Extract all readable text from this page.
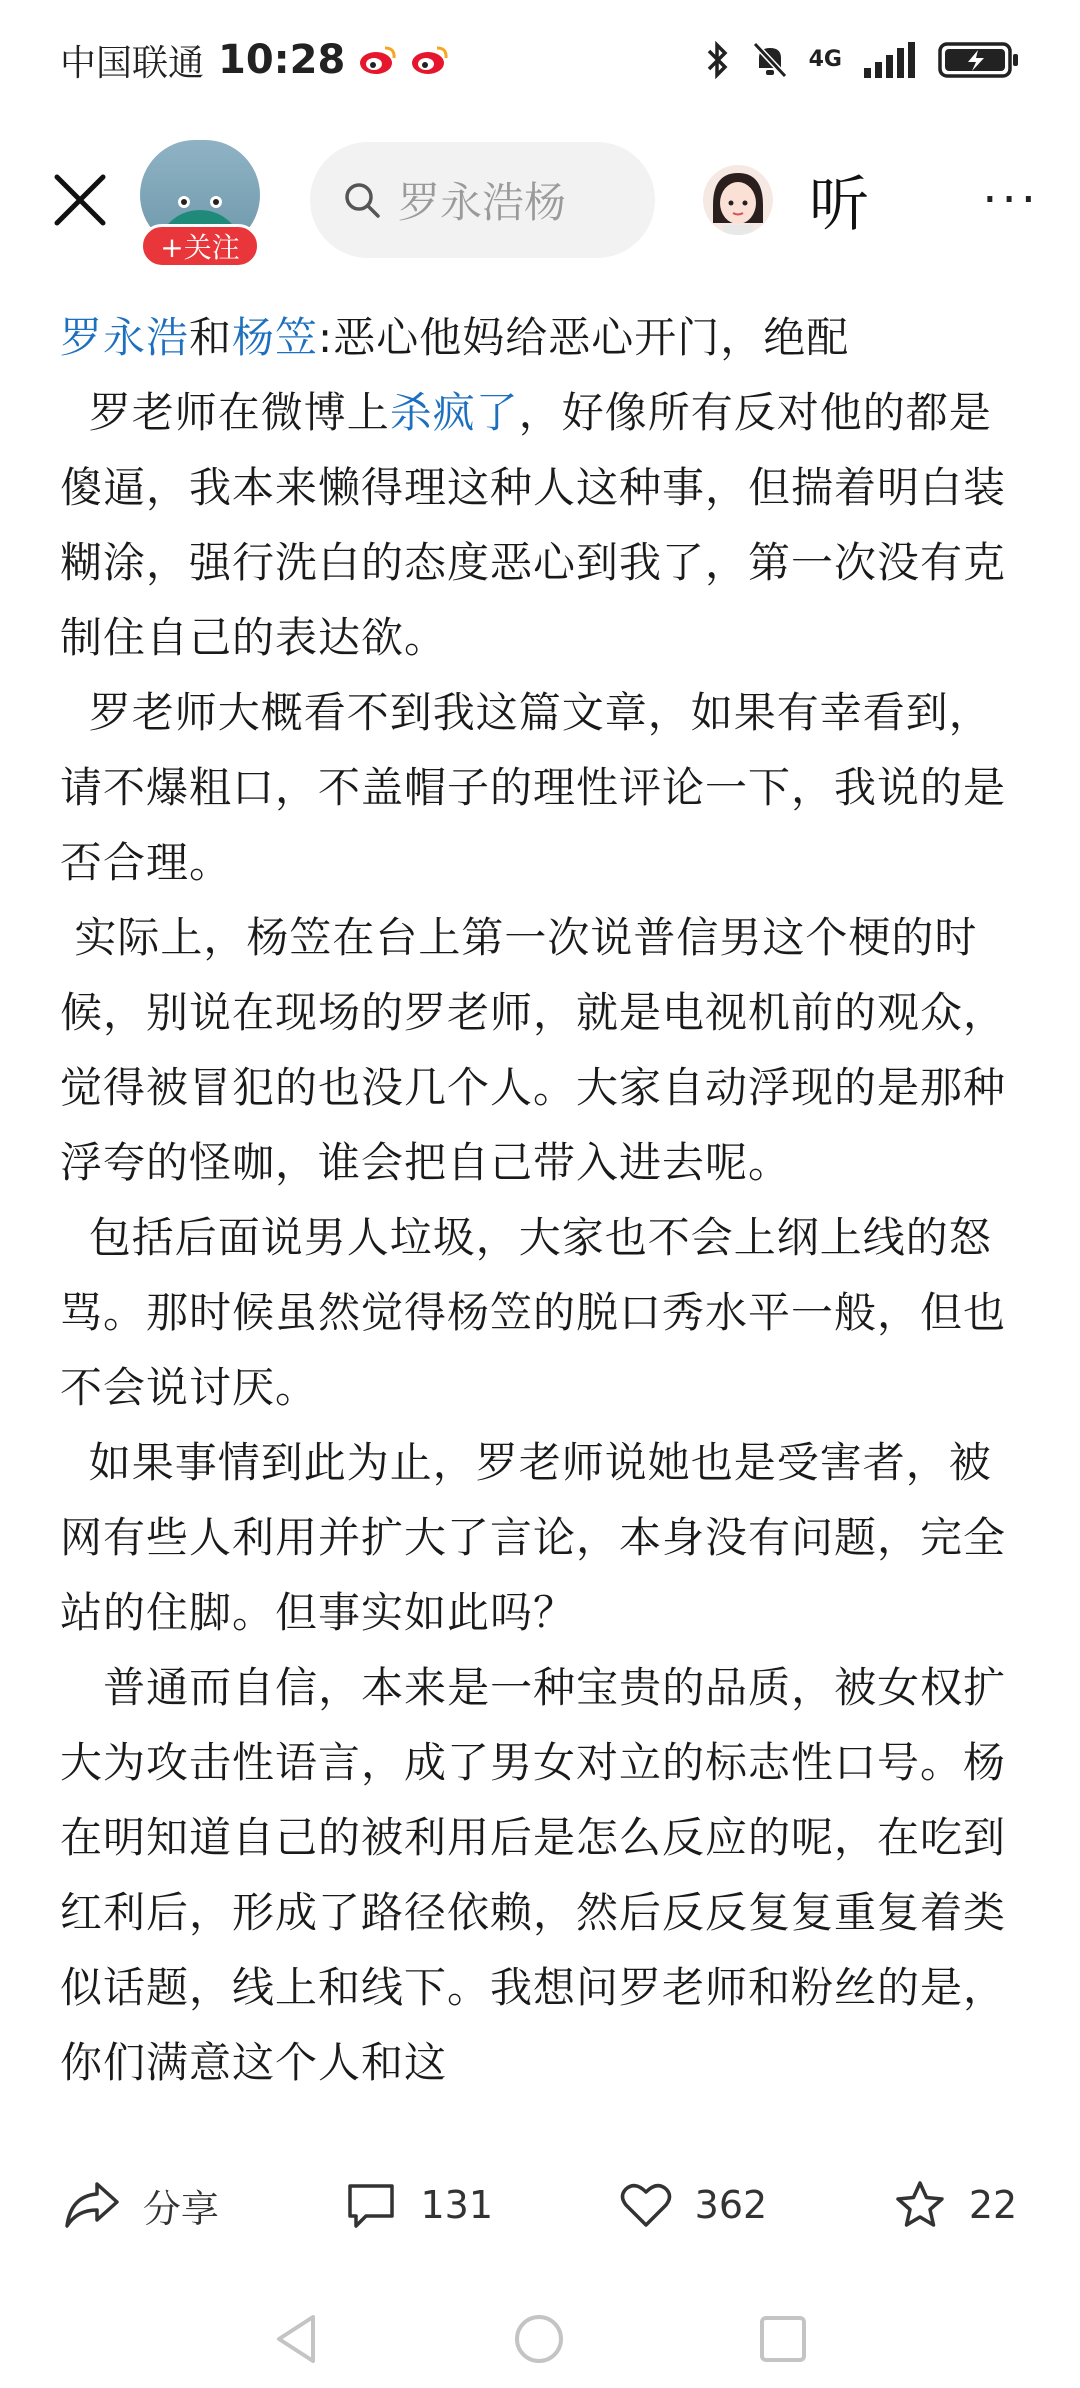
中国联通 10:28	4G
+关注
罗永浩杨	听 ···

罗永浩和杨笠:恶心他妈给恶心开门，绝配

罗老师在微博上杀疯了，好像所有反对他的都是傻逼，我本来懒得理这种人这种事，但揣着明白装糊涂，强行洗白的态度恶心到我了，第一次没有克制住自己的表达欲。

罗老师大概看不到我这篇文章，如果有幸看到，请不爆粗口，不盖帽子的理性评论一下，我说的是否合理。

实际上，杨笠在台上第一次说普信男这个梗的时候，别说在现场的罗老师，就是电视机前的观众，觉得被冒犯的也没几个人。大家自动浮现的是那种浮夸的怪咖，谁会把自己带入进去呢。

包括后面说男人垃圾，大家也不会上纲上线的怒骂。那时候虽然觉得杨笠的脱口秀水平一般，但也不会说讨厌。

如果事情到此为止，罗老师说她也是受害者，被网有些人利用并扩大了言论，本身没有问题，完全站的住脚。但事实如此吗？

普通而自信，本来是一种宝贵的品质，被女权扩大为攻击性语言，成了男女对立的标志性口号。杨在明知道自己的被利用后是怎么反应的呢，在吃到红利后，形成了路径依赖，然后反反复复重复着类似话题，线上和线下。我想问罗老师和粉丝的是，你们满意这个人和这

分享	131	362	22
